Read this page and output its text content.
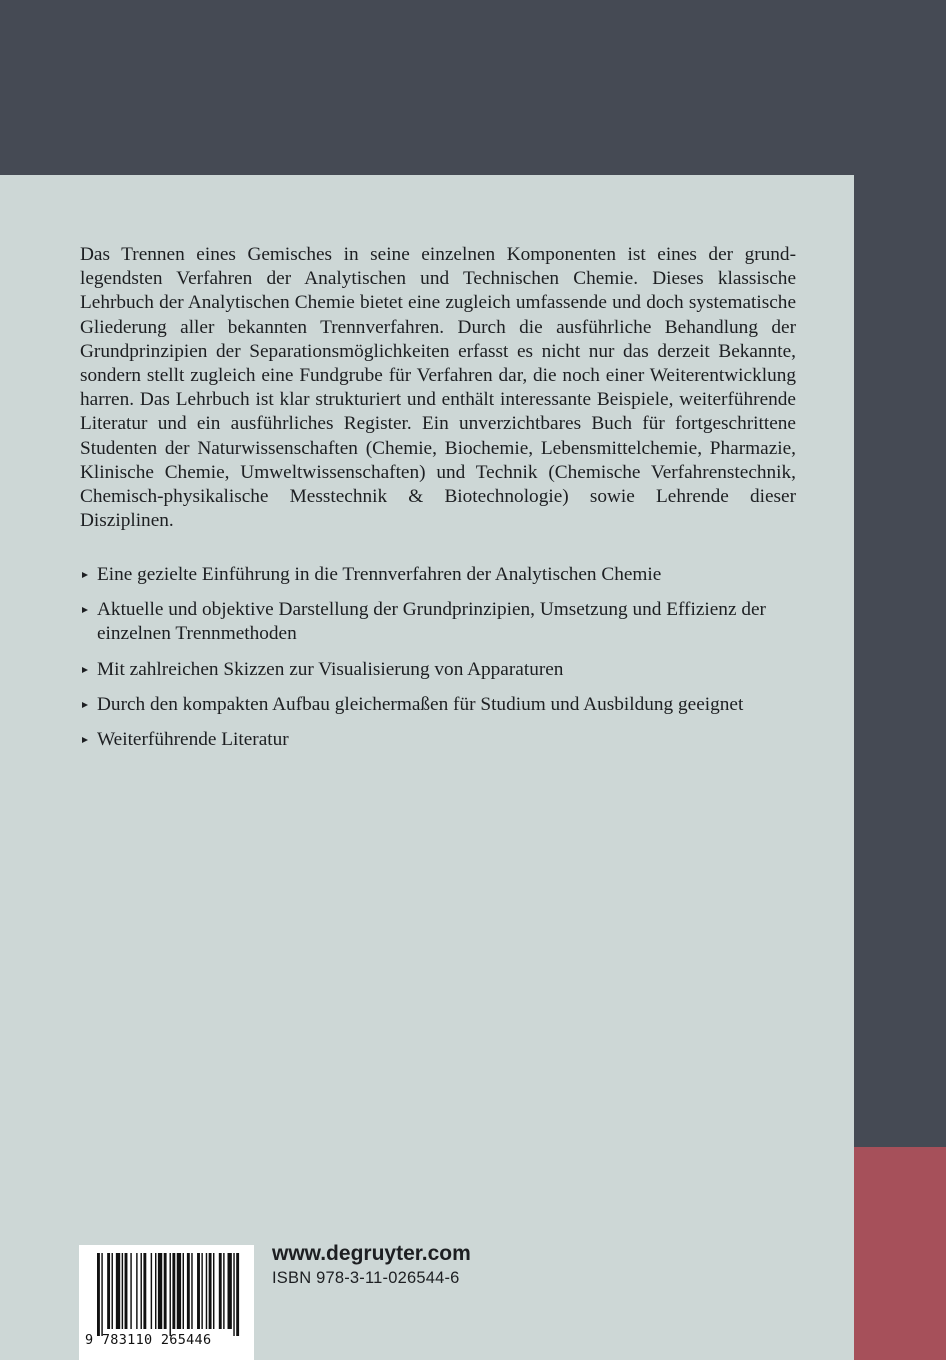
Das Trennen eines Gemisches in seine einzelnen Komponenten ist eines der grundlegendsten Verfahren der Analytischen und Technischen Chemie. Dieses klassische Lehrbuch der Analytischen Chemie bietet eine zugleich umfassende und doch systematische Gliederung aller bekannten Trennverfahren. Durch die ausführliche Behandlung der Grundprinzipien der Separationsmöglichkeiten erfasst es nicht nur das derzeit Bekannte, sondern stellt zugleich eine Fundgrube für Verfahren dar, die noch einer Weiterentwicklung harren. Das Lehrbuch ist klar strukturiert und enthält interessante Beispiele, weiterführende Literatur und ein ausführliches Register. Ein unverzichtbares Buch für fortgeschrittene Studenten der Naturwissenschaften (Chemie, Biochemie, Lebensmittelchemie, Pharmazie, Klinische Chemie, Umweltwissenschaften) und Technik (Chemische Verfahrenstechnik, Chemisch-physikalische Messtechnik & Biotechnologie) sowie Lehrende dieser Disziplinen.

Eine gezielte Einführung in die Trennverfahren der Analytischen Chemie
Aktuelle und objektive Darstellung der Grundprinzipien, Umsetzung und Effizienz der einzelnen Trennmethoden
Mit zahlreichen Skizzen zur Visualisierung von Apparaturen
Durch den kompakten Aufbau gleichermaßen für Studium und Ausbildung geeignet
Weiterführende Literatur
9 783110 265446
www.degruyter.com
ISBN 978-3-11-026544-6
